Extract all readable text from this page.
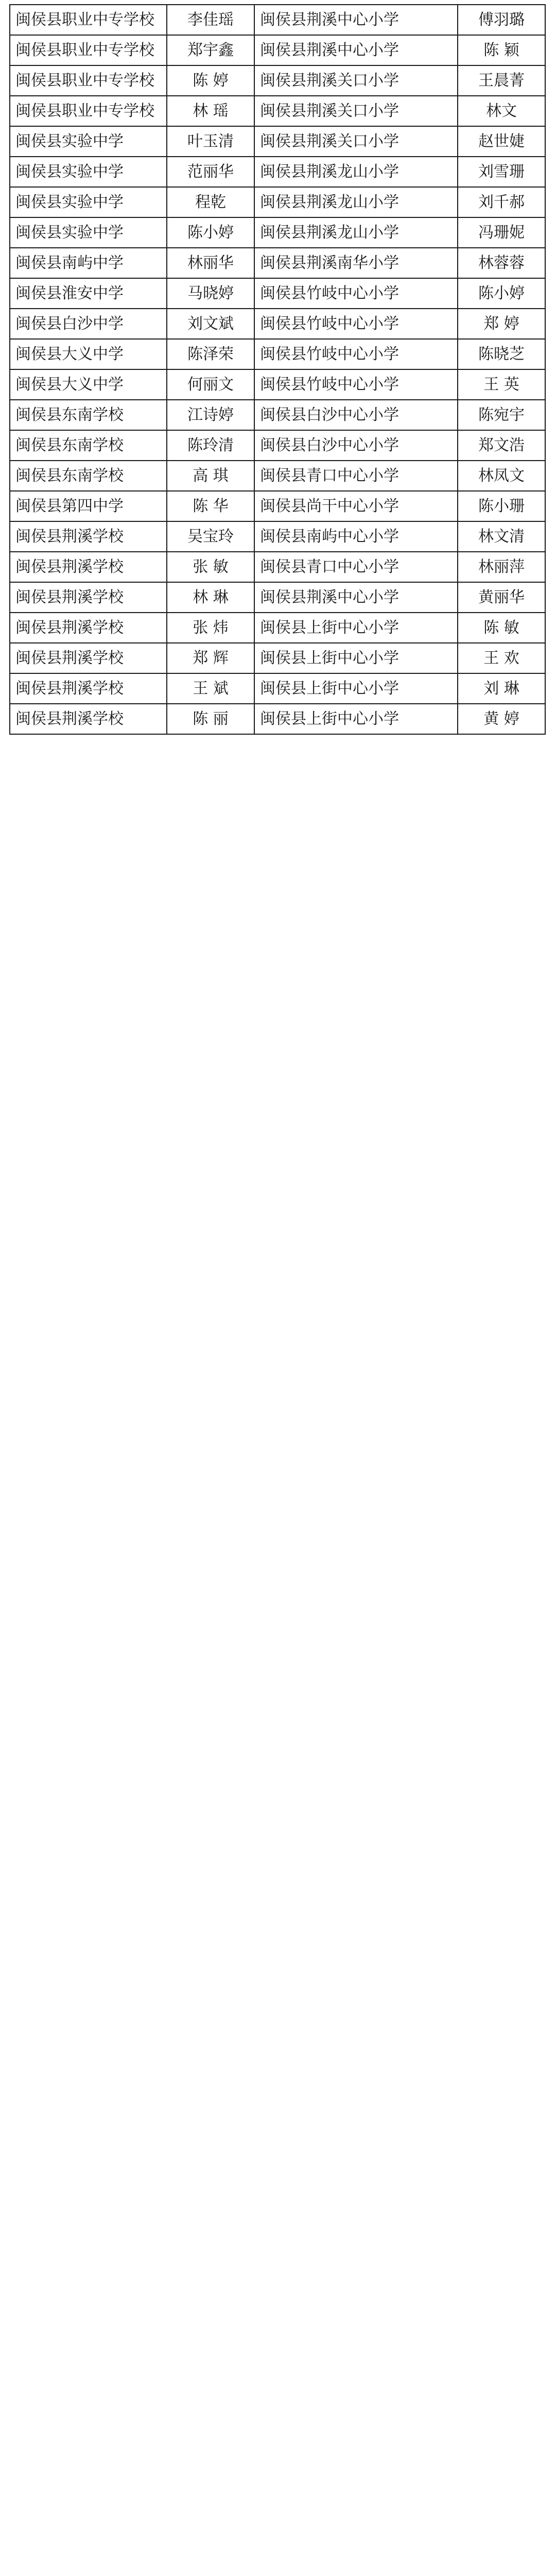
闽侯县职业中专学校	李佳瑶	闽侯县荆溪中心小学	傅羽璐
闽侯县职业中专学校	郑宇鑫	闽侯县荆溪中心小学	陈 颖
闽侯县职业中专学校	陈 婷	闽侯县荆溪关口小学	王晨菁
闽侯县职业中专学校	林 瑶	闽侯县荆溪关口小学	林文
闽侯县实验中学	叶玉清	闽侯县荆溪关口小学	赵世婕
闽侯县实验中学	范丽华	闽侯县荆溪龙山小学	刘雪珊
闽侯县实验中学	程乾	闽侯县荆溪龙山小学	刘千郝
闽侯县实验中学	陈小婷	闽侯县荆溪龙山小学	冯珊妮
闽侯县南屿中学	林丽华	闽侯县荆溪南华小学	林蓉蓉
闽侯县淮安中学	马晓婷	闽侯县竹岐中心小学	陈小婷
闽侯县白沙中学	刘文斌	闽侯县竹岐中心小学	郑 婷
闽侯县大义中学	陈泽荣	闽侯县竹岐中心小学	陈晓芝
闽侯县大义中学	何丽文	闽侯县竹岐中心小学	王 英
闽侯县东南学校	江诗婷	闽侯县白沙中心小学	陈宛宇
闽侯县东南学校	陈玲清	闽侯县白沙中心小学	郑文浩
闽侯县东南学校	高 琪	闽侯县青口中心小学	林凤文
闽侯县第四中学	陈 华	闽侯县尚干中心小学	陈小珊
闽侯县荆溪学校	吴宝玲	闽侯县南屿中心小学	林文清
闽侯县荆溪学校	张 敏	闽侯县青口中心小学	林丽萍
闽侯县荆溪学校	林 琳	闽侯县荆溪中心小学	黄丽华
闽侯县荆溪学校	张 炜	闽侯县上街中心小学	陈 敏
闽侯县荆溪学校	郑 辉	闽侯县上街中心小学	王 欢
闽侯县荆溪学校	王 斌	闽侯县上街中心小学	刘 琳
闽侯县荆溪学校	陈 丽	闽侯县上街中心小学	黄 婷
